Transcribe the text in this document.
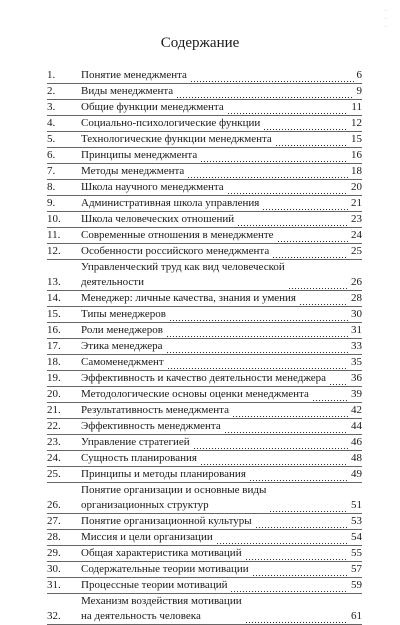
...
...
...
Содержание
1.	Понятие менеджмента	6
2.	Виды менеджмента	9
3.	Общие функции менеджмента	11
4.	Социально-психологические функции	12
5.	Технологические функции менеджмента	15
6.	Принципы менеджмента	16
7.	Методы менеджмента	18
8.	Школа научного менеджмента	20
9.	Административная школа управления	21
10.	Школа человеческих отношений	23
11.	Современные отношения в менеджменте	24
12.	Особенности российского менеджмента	25
13.
Управленческий труд как вид человеческой
деятельности	26
14.	Менеджер: личные качества, знания и умения	28
15.	Типы менеджеров	30
16.	Роли менеджеров	31
17.	Этика менеджера	33
18.	Самоменеджмент	35
19.	Эффективность и качество деятельности менеджера 36
20.	Методологические основы оценки менеджмента	39
21.	Результативность менеджмента	42
22.	Эффективность менеджмента	44
23.	Управление стратегией	46
24.	Сущность планирования	48
25.	Принципы и методы планирования	49
26.
Понятие организации и основные виды
организационных структур	51
27.	Понятие организационной культуры	53
28.	Миссия и цели организации	54
29.	Общая характеристика мотиваций	55
30.	Содержательные теории мотивации	57
31.	Процессные теории мотиваций	59
32.
Механизм воздействия мотивации
на деятельность человека	61
